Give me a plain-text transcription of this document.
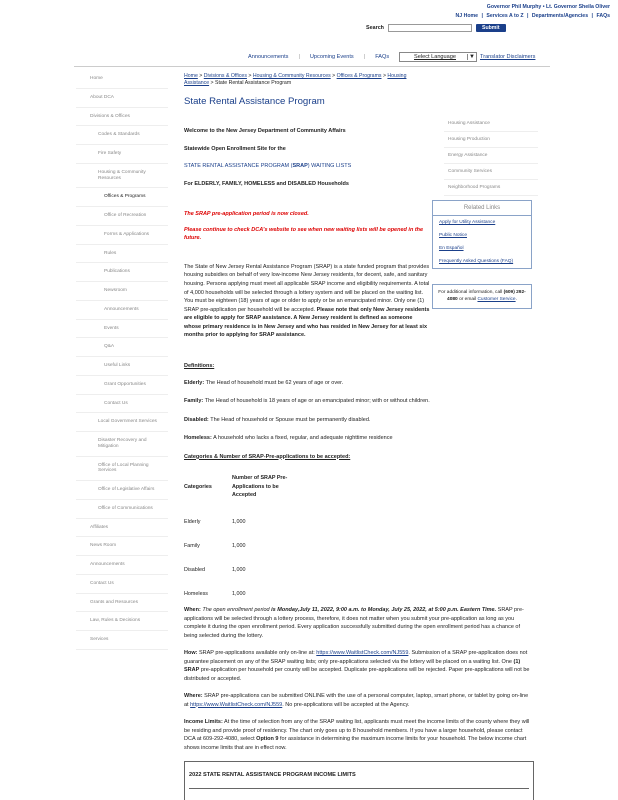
Governor Phil Murphy • Lt. Governor Sheila Oliver
NJ Home | Services A to Z | Departments/Agencies | FAQs
Search	Submit
Announcements | Upcoming Events | FAQs	Select Language	▼ Translator Disclaimers
Home
About DCA
Divisions & Offices
Codes & Standards
Fire Safety
Housing & Community Resources
Offices & Programs
Office of Recreation
Forms & Applications
Rules
Publications
Newsroom
Announcements
Events
Q&A
Useful Links
Grant Opportunities
Contact Us
Local Government Services
Disaster Recovery and Mitigation
Office of Local Planning Services
Office of Legislative Affairs
Office of Communications
Affiliates
News Room
Announcements
Contact Us
Grants and Resources
Law, Rules & Decisions
Services
Home > Divisions & Offices > Housing & Community Resources > Offices & Programs > Housing Assistance > State Rental Assistance Program
State Rental Assistance Program
Welcome to the New Jersey Department of Community Affairs
Statewide Open Enrollment Site for the
STATE RENTAL ASSISTANCE PROGRAM (SRAP) WAITING LISTS
For ELDERLY, FAMILY, HOMELESS and DISABLED Households
The SRAP pre-application period is now closed.
Please continue to check DCA's website to see when new waiting lists will be opened in the future.
The State of New Jersey Rental Assistance Program (SRAP) is a state funded program that provides housing subsidies on behalf of very low-income New Jersey residents, for decent, safe, and sanitary housing. Persons applying must meet all applicable SRAP income and eligibility requirements. A total of 4,000 households will be selected through a lottery system and will be placed on the waiting list. You must be eighteen (18) years of age or older to apply or be an emancipated minor. Only one (1) SRAP pre-application per household will be accepted. Please note that only New Jersey residents are eligible to apply for SRAP assistance. A New Jersey resident is defined as someone whose primary residence is in New Jersey and who has resided in New Jersey for at least six months prior to applying for SRAP assistance.
Definitions:
Elderly: The Head of household must be 62 years of age or over.
Family: The Head of household is 18 years of age or an emancipated minor; with or without children.
Disabled: The Head of household or Spouse must be permanently disabled.
Homeless: A household who lacks a fixed, regular, and adequate nighttime residence
Categories & Number of SRAP-Pre-applications to be accepted:
Categories	Number of SRAP Pre-Applications to be Accepted
Elderly	1,000
Family	1,000
Disabled	1,000
Homeless	1,000
When: The open enrollment period is Monday,July 11, 2022, 9:00 a.m. to Monday, July 25, 2022, at 5:00 p.m. Eastern Time. SRAP pre-applications will be selected through a lottery process, therefore, it does not matter when you submit your pre-application as long as you complete it during the open enrollment period. Every application successfully submitted during the open enrollment period has a chance of being selected during the lottery.
How: SRAP pre-applications available only on-line at: https://www.WaitlistCheck.com/NJ559. Submission of a SRAP pre-application does not guarantee placement on any of the SRAP waiting lists; only pre-applications selected via the lottery will be placed on a waiting list. One (1) SRAP pre-application per household per county will be accepted. Duplicate pre-applications will be rejected. Paper pre-applications will not be distributed or accepted.
Where: SRAP pre-applications can be submitted ONLINE with the use of a personal computer, laptop, smart phone, or tablet by going on-line at https://www.WaitlistCheck.com/NJ559. No pre-applications will be accepted at the Agency.
Income Limits: At the time of selection from any of the SRAP waiting list, applicants must meet the income limits of the county where they will be residing and provide proof of residency. The chart only goes up to 8 household members. If you have a larger household, please contact DCA at 609-292-4080, select Option 9 for assistance in determining the maximum income limits for your household. The below income chart shows income limits that are in effect now.
2022 STATE RENTAL ASSISTANCE PROGRAM INCOME LIMITS
Housing Assistance
Housing Production
Energy Assistance
Community Services
Neighborhood Programs
Related Links
Apply for Utility Assistance
Public Notice
En Español
Frequently Asked Questions (FAQ)
For additional information, call (609) 292-4080 or email Customer Service.
